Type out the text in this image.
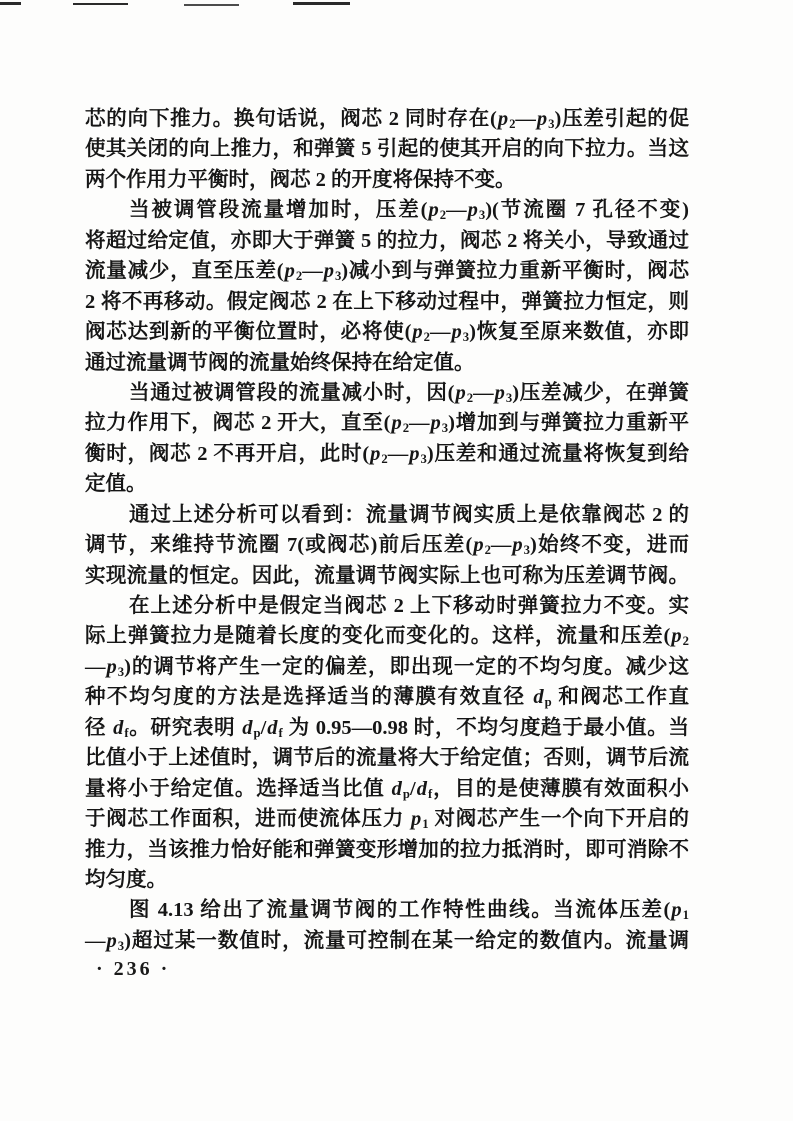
芯的向下推力。换句话说，阀芯 2 同时存在$(p_2—p_3)$压差引起的促
使其关闭的向上推力，和弹簧 5 引起的使其开启的向下拉力。当这
两个作用力平衡时，阀芯 2 的开度将保持不变。
当被调管段流量增加时，压差$(p_2—p_3)$(节流圈 7 孔径不变)
将超过给定值，亦即大于弹簧 5 的拉力，阀芯 2 将关小，导致通过
流量减少，直至压差$(p_2—p_3)$减小到与弹簧拉力重新平衡时，阀芯
2 将不再移动。假定阀芯 2 在上下移动过程中，弹簧拉力恒定，则
阀芯达到新的平衡位置时，必将使$(p_2—p_3)$恢复至原来数值，亦即
通过流量调节阀的流量始终保持在给定值。
当通过被调管段的流量减小时，因$(p_2—p_3)$压差减少，在弹簧
拉力作用下，阀芯 2 开大，直至$(p_2—p_3)$增加到与弹簧拉力重新平
衡时，阀芯 2 不再开启，此时$(p_2—p_3)$压差和通过流量将恢复到给
定值。
通过上述分析可以看到：流量调节阀实质上是依靠阀芯 2 的
调节，来维持节流圈 7(或阀芯)前后压差$(p_2—p_3)$始终不变，进而
实现流量的恒定。因此，流量调节阀实际上也可称为压差调节阀。
在上述分析中是假定当阀芯 2 上下移动时弹簧拉力不变。实
际上弹簧拉力是随着长度的变化而变化的。这样，流量和压差($p_2$
$—p_3$)的调节将产生一定的偏差，即出现一定的不均匀度。减少这
种不均匀度的方法是选择适当的薄膜有效直径 $d_p$ 和阀芯工作直
径 $d_f$。研究表明 $d_p/d_f$ 为 0.95—0.98 时，不均匀度趋于最小值。当
比值小于上述值时，调节后的流量将大于给定值；否则，调节后流
量将小于给定值。选择适当比值 $d_p/d_f$，目的是使薄膜有效面积小
于阀芯工作面积，进而使流体压力 $p_1$ 对阀芯产生一个向下开启的
推力，当该推力恰好能和弹簧变形增加的拉力抵消时，即可消除不
均匀度。
图 4.13 给出了流量调节阀的工作特性曲线。当流体压差($p_1$
$—p_3$)超过某一数值时，流量可控制在某一给定的数值内。流量调
· 236 ·
